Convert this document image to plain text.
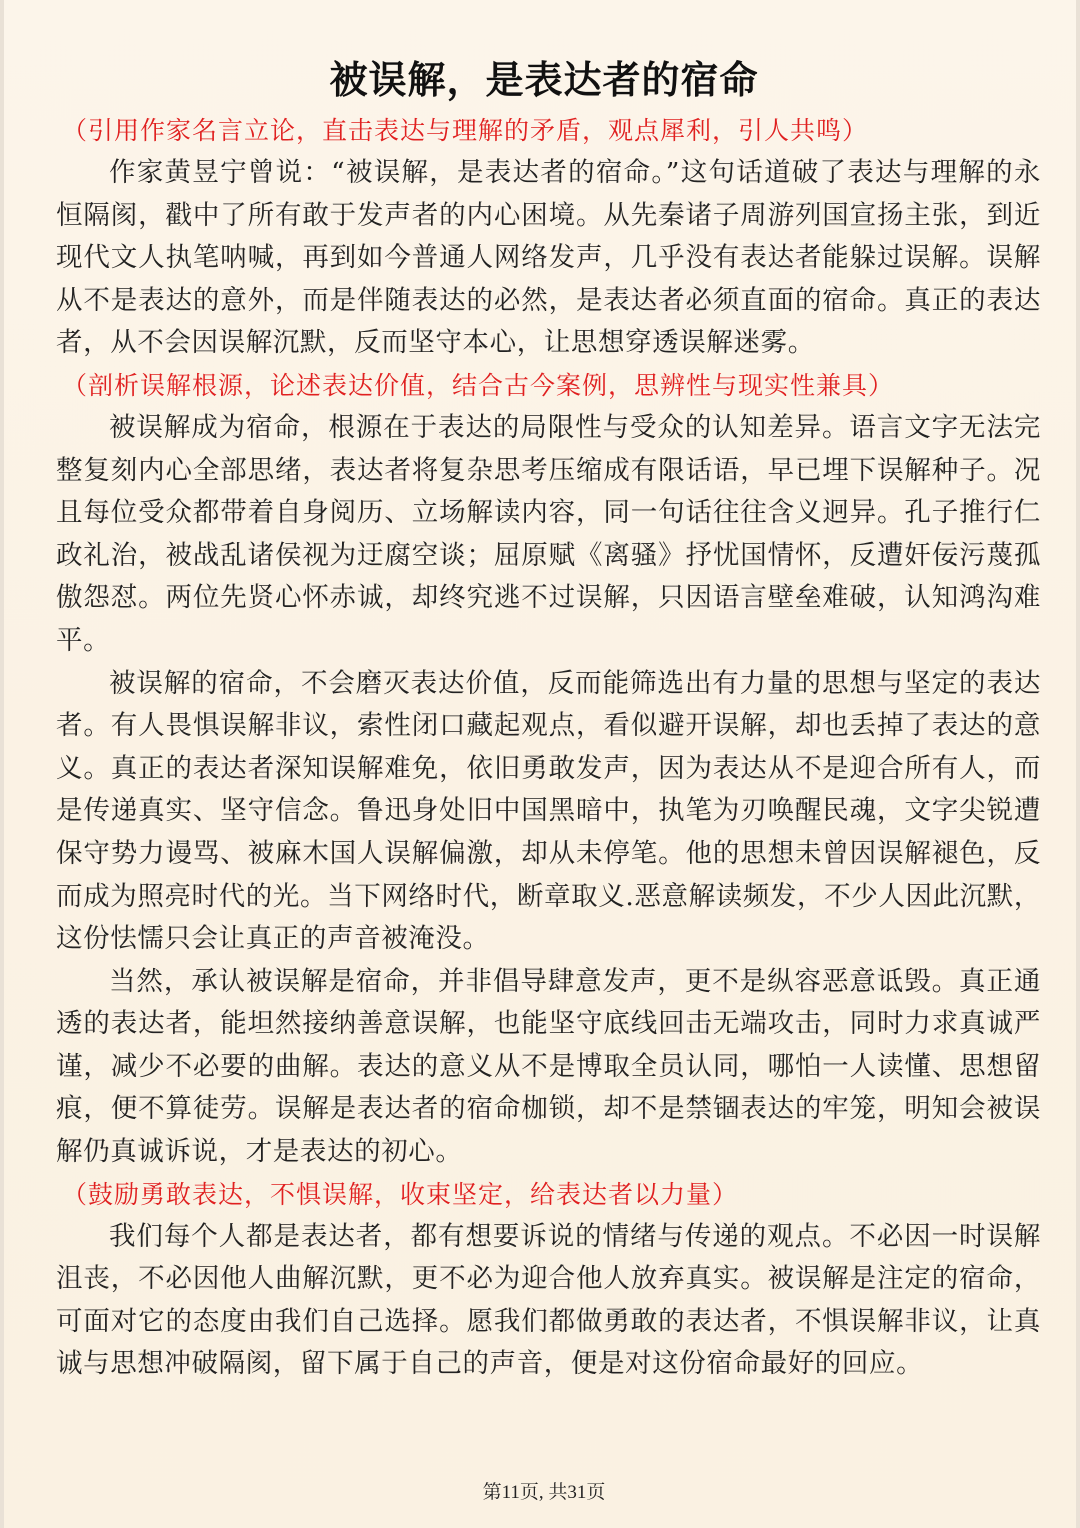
被误解，是表达者的宿命

（引用作家名言立论，直击表达与理解的矛盾，观点犀利，引人共鸣）

作家黄昱宁曾说：“被误解，是表达者的宿命。”这句话道破了表达与理解的永恒隔阂，戳中了所有敢于发声者的内心困境。从先秦诸子周游列国宣扬主张，到近现代文人执笔呐喊，再到如今普通人网络发声，几乎没有表达者能躲过误解。误解从不是表达的意外，而是伴随表达的必然，是表达者必须直面的宿命。真正的表达者，从不会因误解沉默，反而坚守本心，让思想穿透误解迷雾。

（剖析误解根源，论述表达价值，结合古今案例，思辨性与现实性兼具）

被误解成为宿命，根源在于表达的局限性与受众的认知差异。语言文字无法完整复刻内心全部思绪，表达者将复杂思考压缩成有限话语，早已埋下误解种子。况且每位受众都带着自身阅历、立场解读内容，同一句话往往含义迥异。孔子推行仁政礼治，被战乱诸侯视为迂腐空谈；屈原赋《离骚》抒忧国情怀，反遭奸佞污蔑孤傲怨怼。两位先贤心怀赤诚，却终究逃不过误解，只因语言壁垒难破，认知鸿沟难平。

被误解的宿命，不会磨灭表达价值，反而能筛选出有力量的思想与坚定的表达者。有人畏惧误解非议，索性闭口藏起观点，看似避开误解，却也丢掉了表达的意义。真正的表达者深知误解难免，依旧勇敢发声，因为表达从不是迎合所有人，而是传递真实、坚守信念。鲁迅身处旧中国黑暗中，执笔为刃唤醒民魂，文字尖锐遭保守势力谩骂、被麻木国人误解偏激，却从未停笔。他的思想未曾因误解褪色，反而成为照亮时代的光。当下网络时代，断章取义.恶意解读频发，不少人因此沉默，这份怯懦只会让真正的声音被淹没。

当然，承认被误解是宿命，并非倡导肆意发声，更不是纵容恶意诋毁。真正通透的表达者，能坦然接纳善意误解，也能坚守底线回击无端攻击，同时力求真诚严谨，减少不必要的曲解。表达的意义从不是博取全员认同，哪怕一人读懂、思想留痕，便不算徒劳。误解是表达者的宿命枷锁，却不是禁锢表达的牢笼，明知会被误解仍真诚诉说，才是表达的初心。

（鼓励勇敢表达，不惧误解，收束坚定，给表达者以力量）

我们每个人都是表达者，都有想要诉说的情绪与传递的观点。不必因一时误解沮丧，不必因他人曲解沉默，更不必为迎合他人放弃真实。被误解是注定的宿命，可面对它的态度由我们自己选择。愿我们都做勇敢的表达者，不惧误解非议，让真诚与思想冲破隔阂，留下属于自己的声音，便是对这份宿命最好的回应。

第11页, 共31页
